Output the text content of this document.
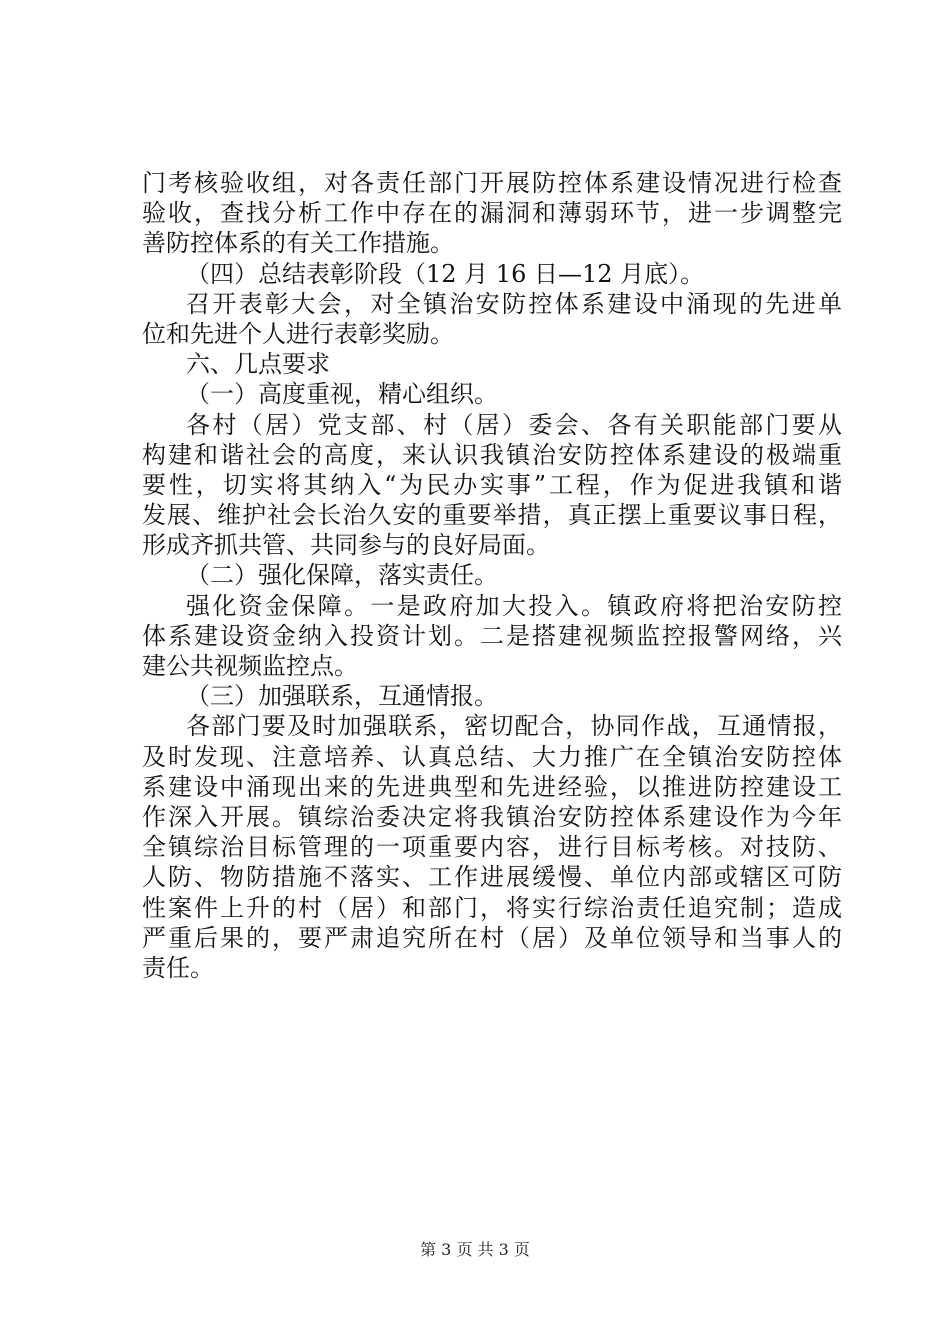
门考核验收组，对各责任部门开展防控体系建设情况进行检查
验收，查找分析工作中存在的漏洞和薄弱环节，进一步调整完
善防控体系的有关工作措施。
（四）总结表彰阶段（12 月 16 日—12 月底）。
召开表彰大会，对全镇治安防控体系建设中涌现的先进单
位和先进个人进行表彰奖励。
六、几点要求
（一）高度重视，精心组织。
各村（居）党支部、村（居）委会、各有关职能部门要从
构建和谐社会的高度，来认识我镇治安防控体系建设的极端重
要性，切实将其纳入“为民办实事”工程，作为促进我镇和谐
发展、维护社会长治久安的重要举措，真正摆上重要议事日程，
形成齐抓共管、共同参与的良好局面。
（二）强化保障，落实责任。
强化资金保障。一是政府加大投入。镇政府将把治安防控
体系建设资金纳入投资计划。二是搭建视频监控报警网络，兴
建公共视频监控点。
（三）加强联系，互通情报。
各部门要及时加强联系，密切配合，协同作战，互通情报，
及时发现、注意培养、认真总结、大力推广在全镇治安防控体
系建设中涌现出来的先进典型和先进经验，以推进防控建设工
作深入开展。镇综治委决定将我镇治安防控体系建设作为今年
全镇综治目标管理的一项重要内容，进行目标考核。对技防、
人防、物防措施不落实、工作进展缓慢、单位内部或辖区可防
性案件上升的村（居）和部门，将实行综治责任追究制；造成
严重后果的，要严肃追究所在村（居）及单位领导和当事人的
责任。
第 3 页 共 3 页
